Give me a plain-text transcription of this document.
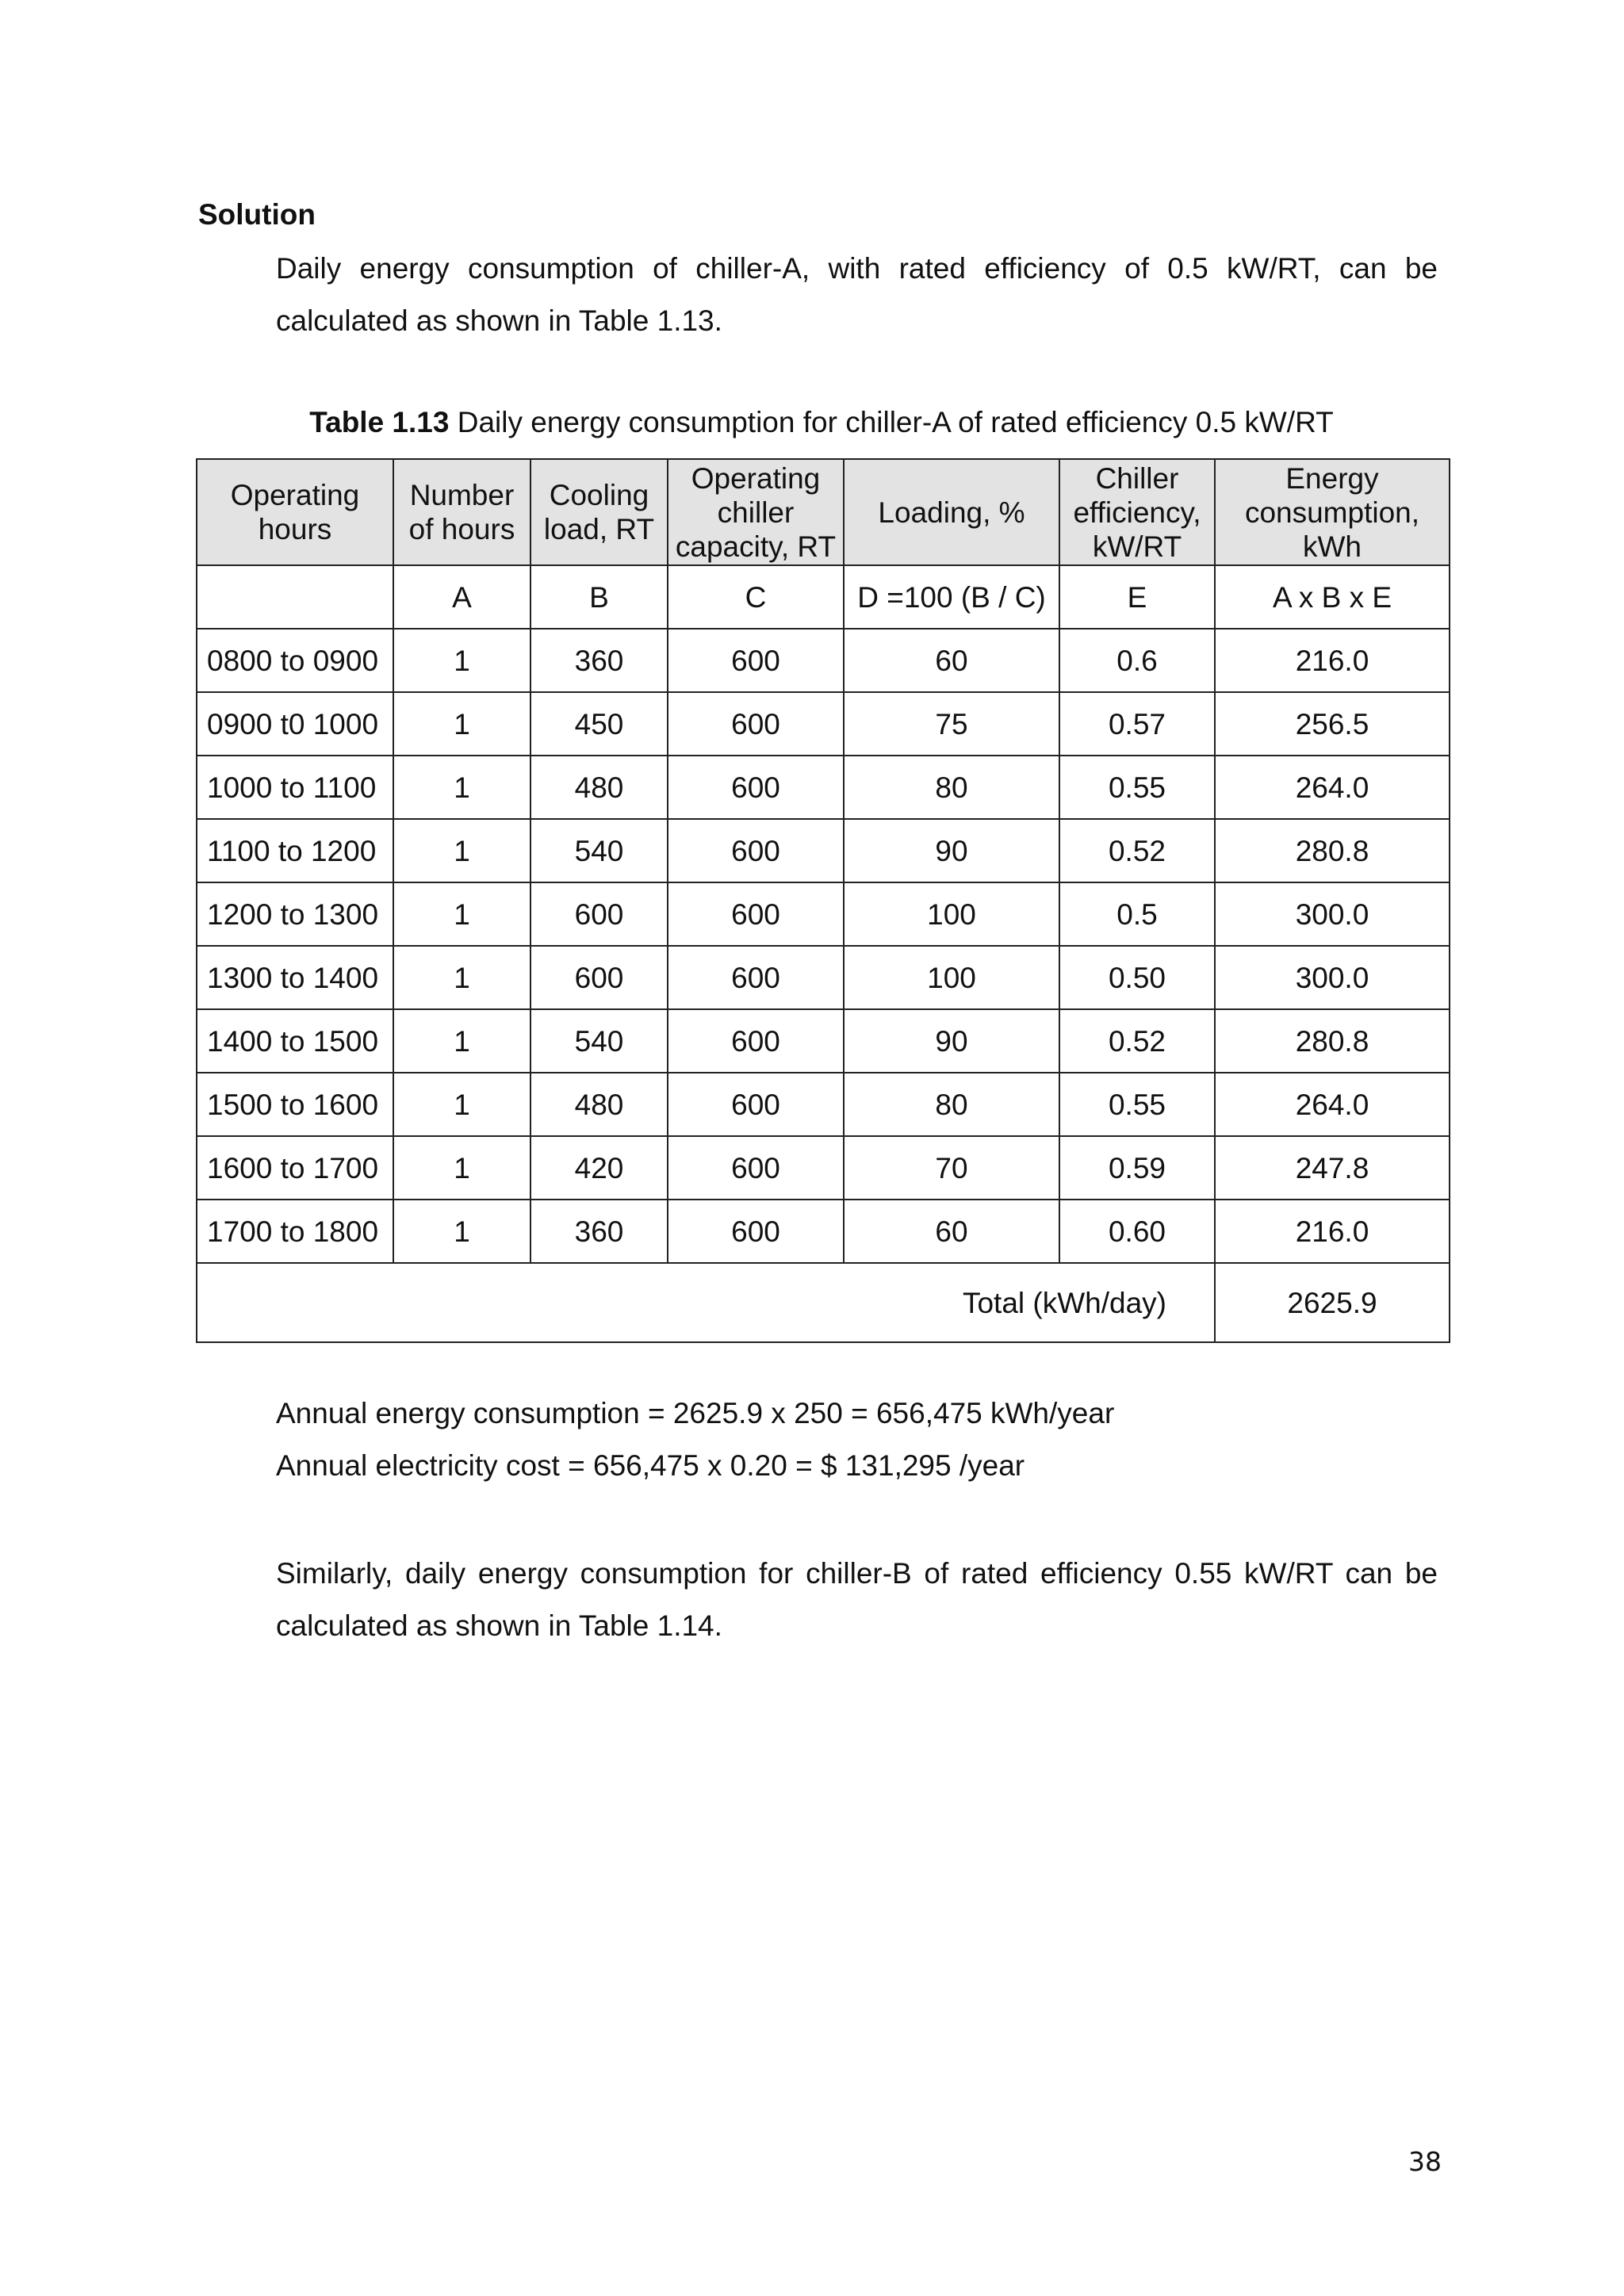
Solution
Daily energy consumption of chiller-A, with rated efficiency of 0.5 kW/RT, can be calculated as shown in Table 1.13.
Table 1.13 Daily energy consumption for chiller-A of rated efficiency 0.5 kW/RT
Operating hours	Number of hours	Cooling load, RT	Operating chiller capacity, RT	Loading, %	Chiller efficiency, kW/RT	Energy consumption, kWh
	A	B	C	D =100 (B / C)	E	A x B x E
0800 to 0900	1	360	600	60	0.6	216.0
0900 t0 1000	1	450	600	75	0.57	256.5
1000 to 1100	1	480	600	80	0.55	264.0
1100 to 1200	1	540	600	90	0.52	280.8
1200 to 1300	1	600	600	100	0.5	300.0
1300 to 1400	1	600	600	100	0.50	300.0
1400 to 1500	1	540	600	90	0.52	280.8
1500 to 1600	1	480	600	80	0.55	264.0
1600 to 1700	1	420	600	70	0.59	247.8
1700 to 1800	1	360	600	60	0.60	216.0
Total (kWh/day)						2625.9
Annual energy consumption = 2625.9 x 250 = 656,475 kWh/year
Annual electricity cost = 656,475 x 0.20 = $ 131,295 /year
Similarly, daily energy consumption for chiller-B of rated efficiency 0.55 kW/RT can be calculated as shown in Table 1.14.
38
